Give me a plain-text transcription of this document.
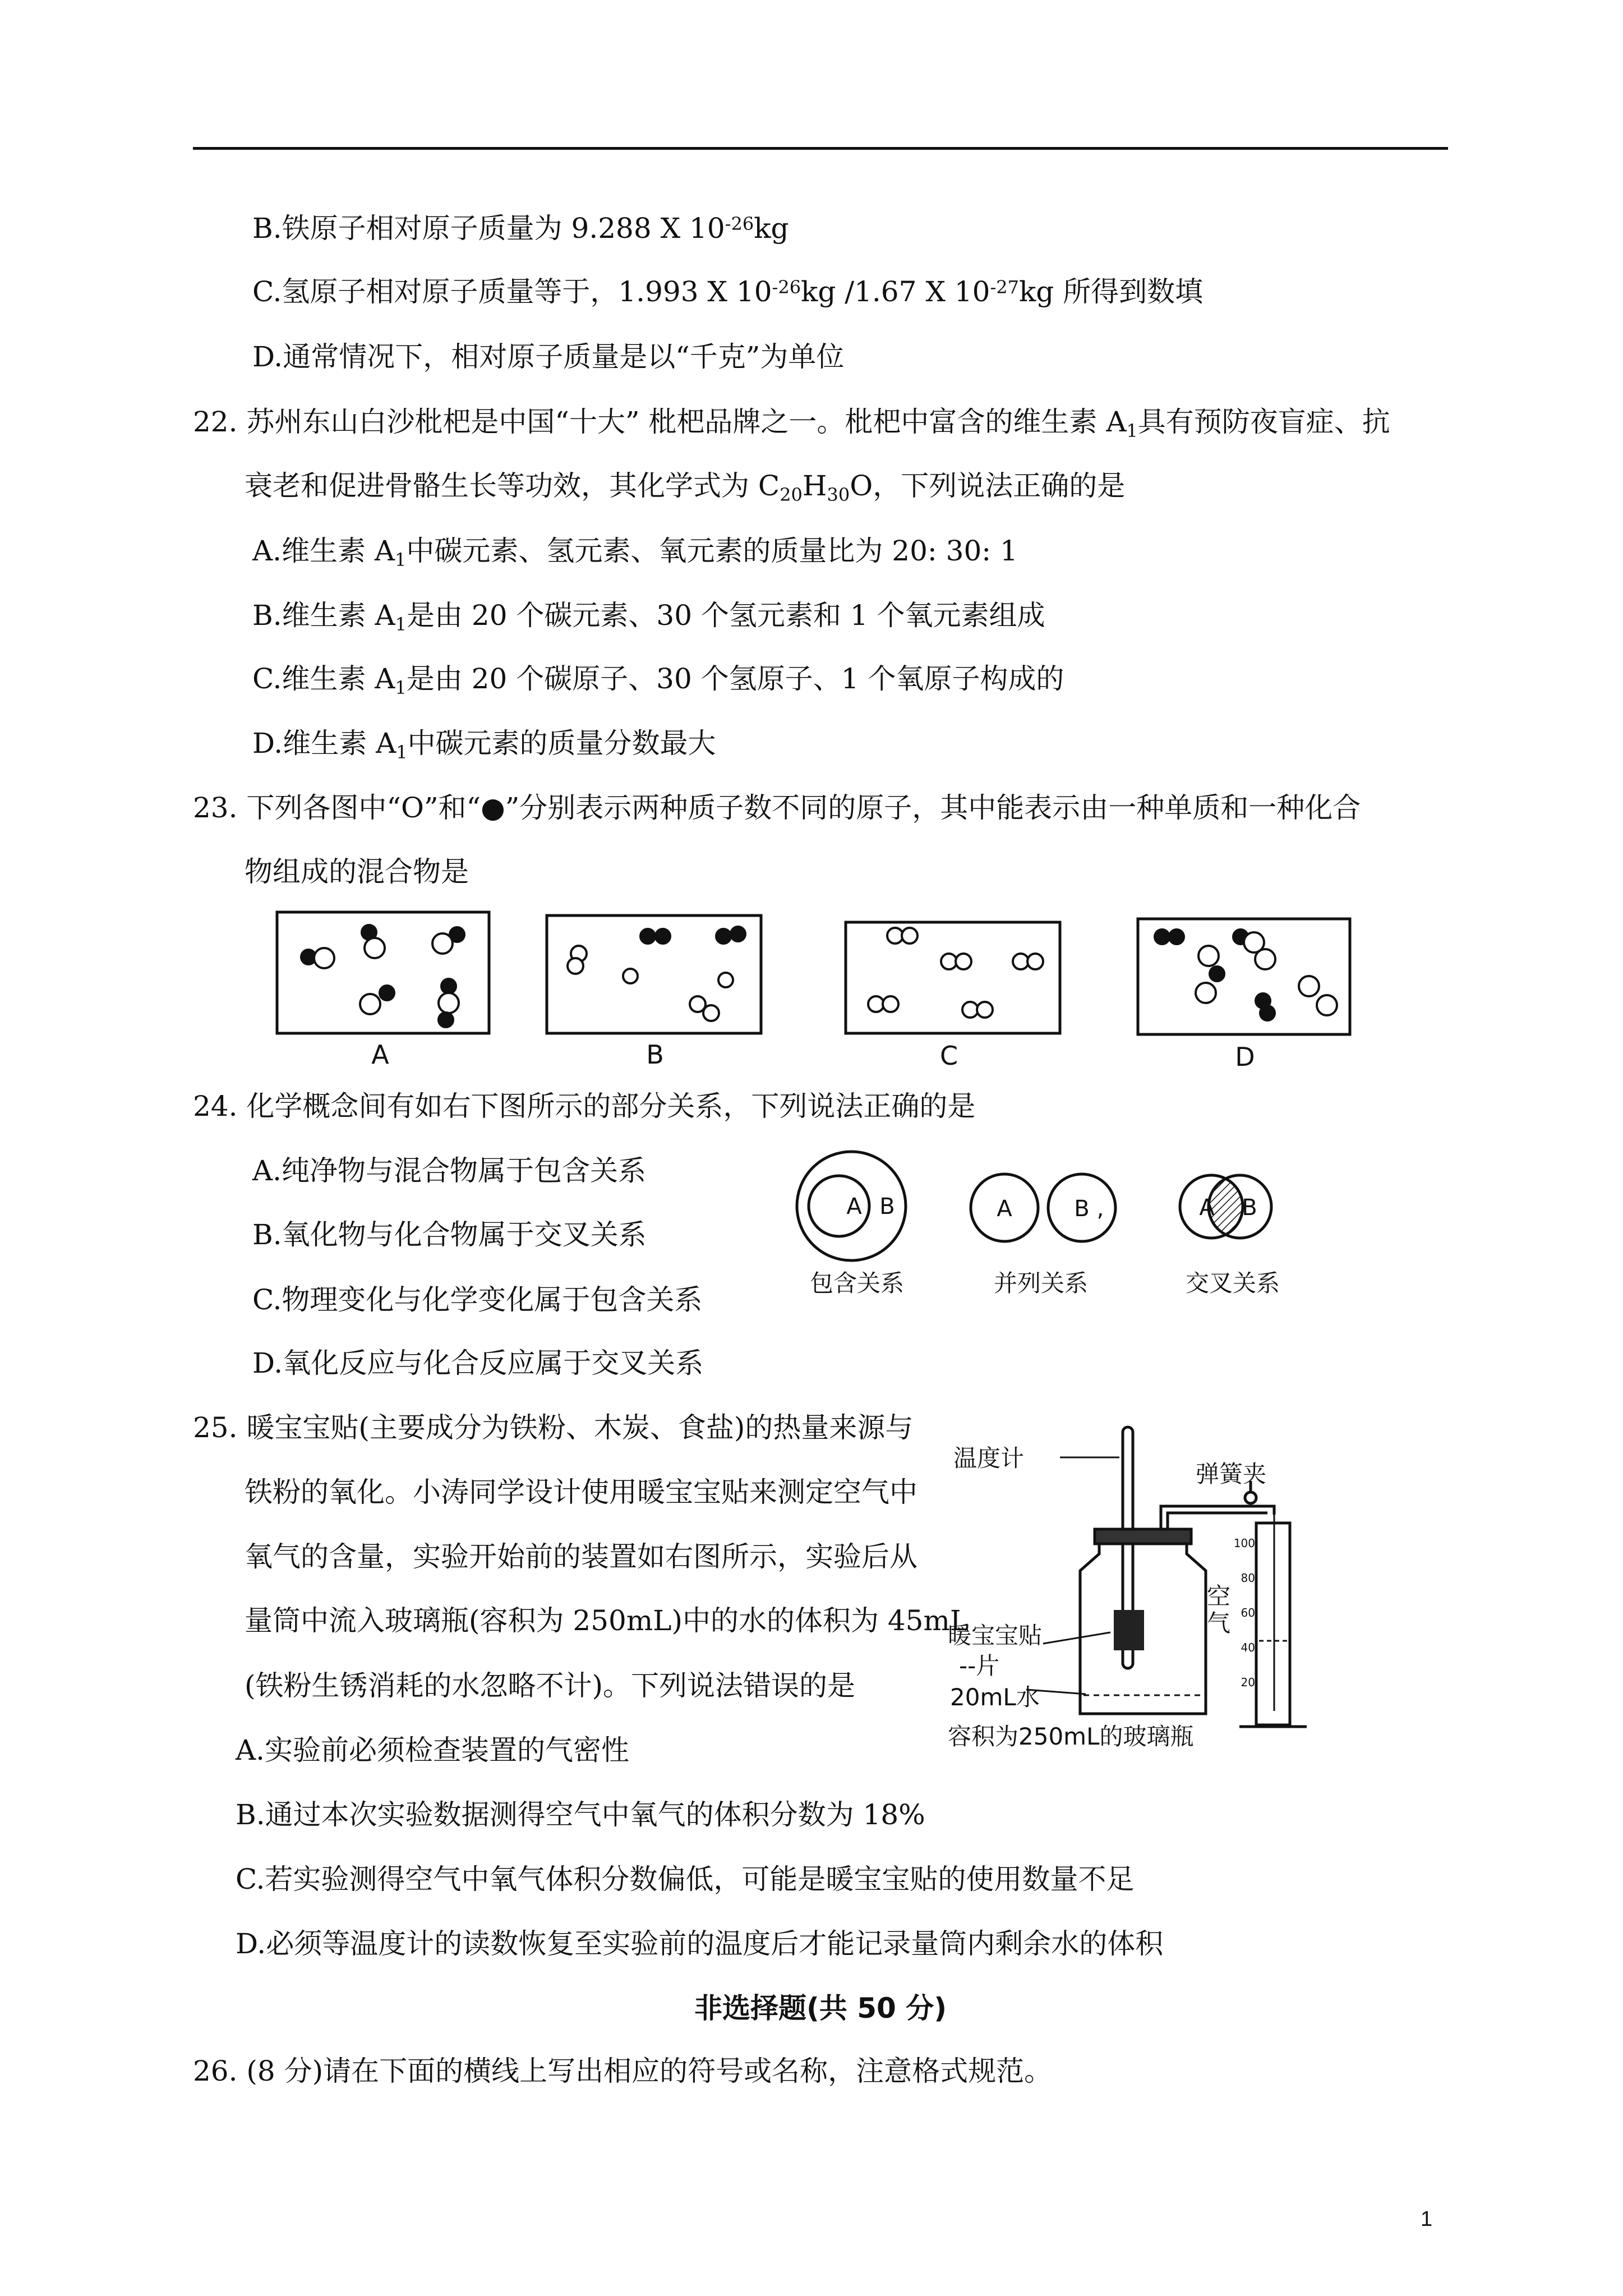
B.铁原子相对原子质量为 9.288 X $10^{-26}kg$
C.氢原子相对原子质量等于，1.993 X $10^{-26}kg$ /1.67 X $10^{-27}kg$ 所得到数填
D.通常情况下，相对原子质量是以“千克”为单位
22. 苏州东山白沙枇杷是中国“十大” 枇杷品牌之一。枇杷中富含的维生素 $A_1$具有预防夜盲症、抗
衰老和促进骨骼生长等功效，其化学式为 $C_{20}H_{30}O$，下列说法正确的是
A.维生素 $A_1$中碳元素、氢元素、氧元素的质量比为 20: 30: 1
B.维生素 $A_1$是由 20 个碳元素、30 个氢元素和 1 个氧元素组成
C.维生素 $A_1$是由 20 个碳原子、30 个氢原子、1 个氧原子构成的
D.维生素 $A_1$中碳元素的质量分数最大
23. 下列各图中“O”和“●”分别表示两种质子数不同的原子，其中能表示由一种单质和一种化合
物组成的混合物是
A	B	C	D
24. 化学概念间有如右下图所示的部分关系，下列说法正确的是
A.纯净物与混合物属于包含关系
B.氧化物与化合物属于交叉关系
C.物理变化与化学变化属于包含关系
D.氧化反应与化合反应属于交叉关系
A B	A	B ,	A B
包含关系	并列关系	交叉关系
25. 暖宝宝贴(主要成分为铁粉、木炭、食盐)的热量来源与
铁粉的氧化。小涛同学设计使用暖宝宝贴来测定空气中
氧气的含量，实验开始前的装置如右图所示，实验后从
量筒中流入玻璃瓶(容积为 250mL)中的水的体积为 45mL
(铁粉生锈消耗的水忽略不计)。下列说法错误的是
A.实验前必须检查装置的气密性
B.通过本次实验数据测得空气中氧气的体积分数为 18%
C.若实验测得空气中氧气体积分数偏低，可能是暖宝宝贴的使用数量不足
D.必须等温度计的读数恢复至实验前的温度后才能记录量筒内剩余水的体积
100
80
60
40
20
温度计
弹簧夹
空
气
暖宝宝贴
--片
20mL水
容积为250mL的玻璃瓶
非选择题(共 50 分)
26. (8 分)请在下面的横线上写出相应的符号或名称，注意格式规范。
1
